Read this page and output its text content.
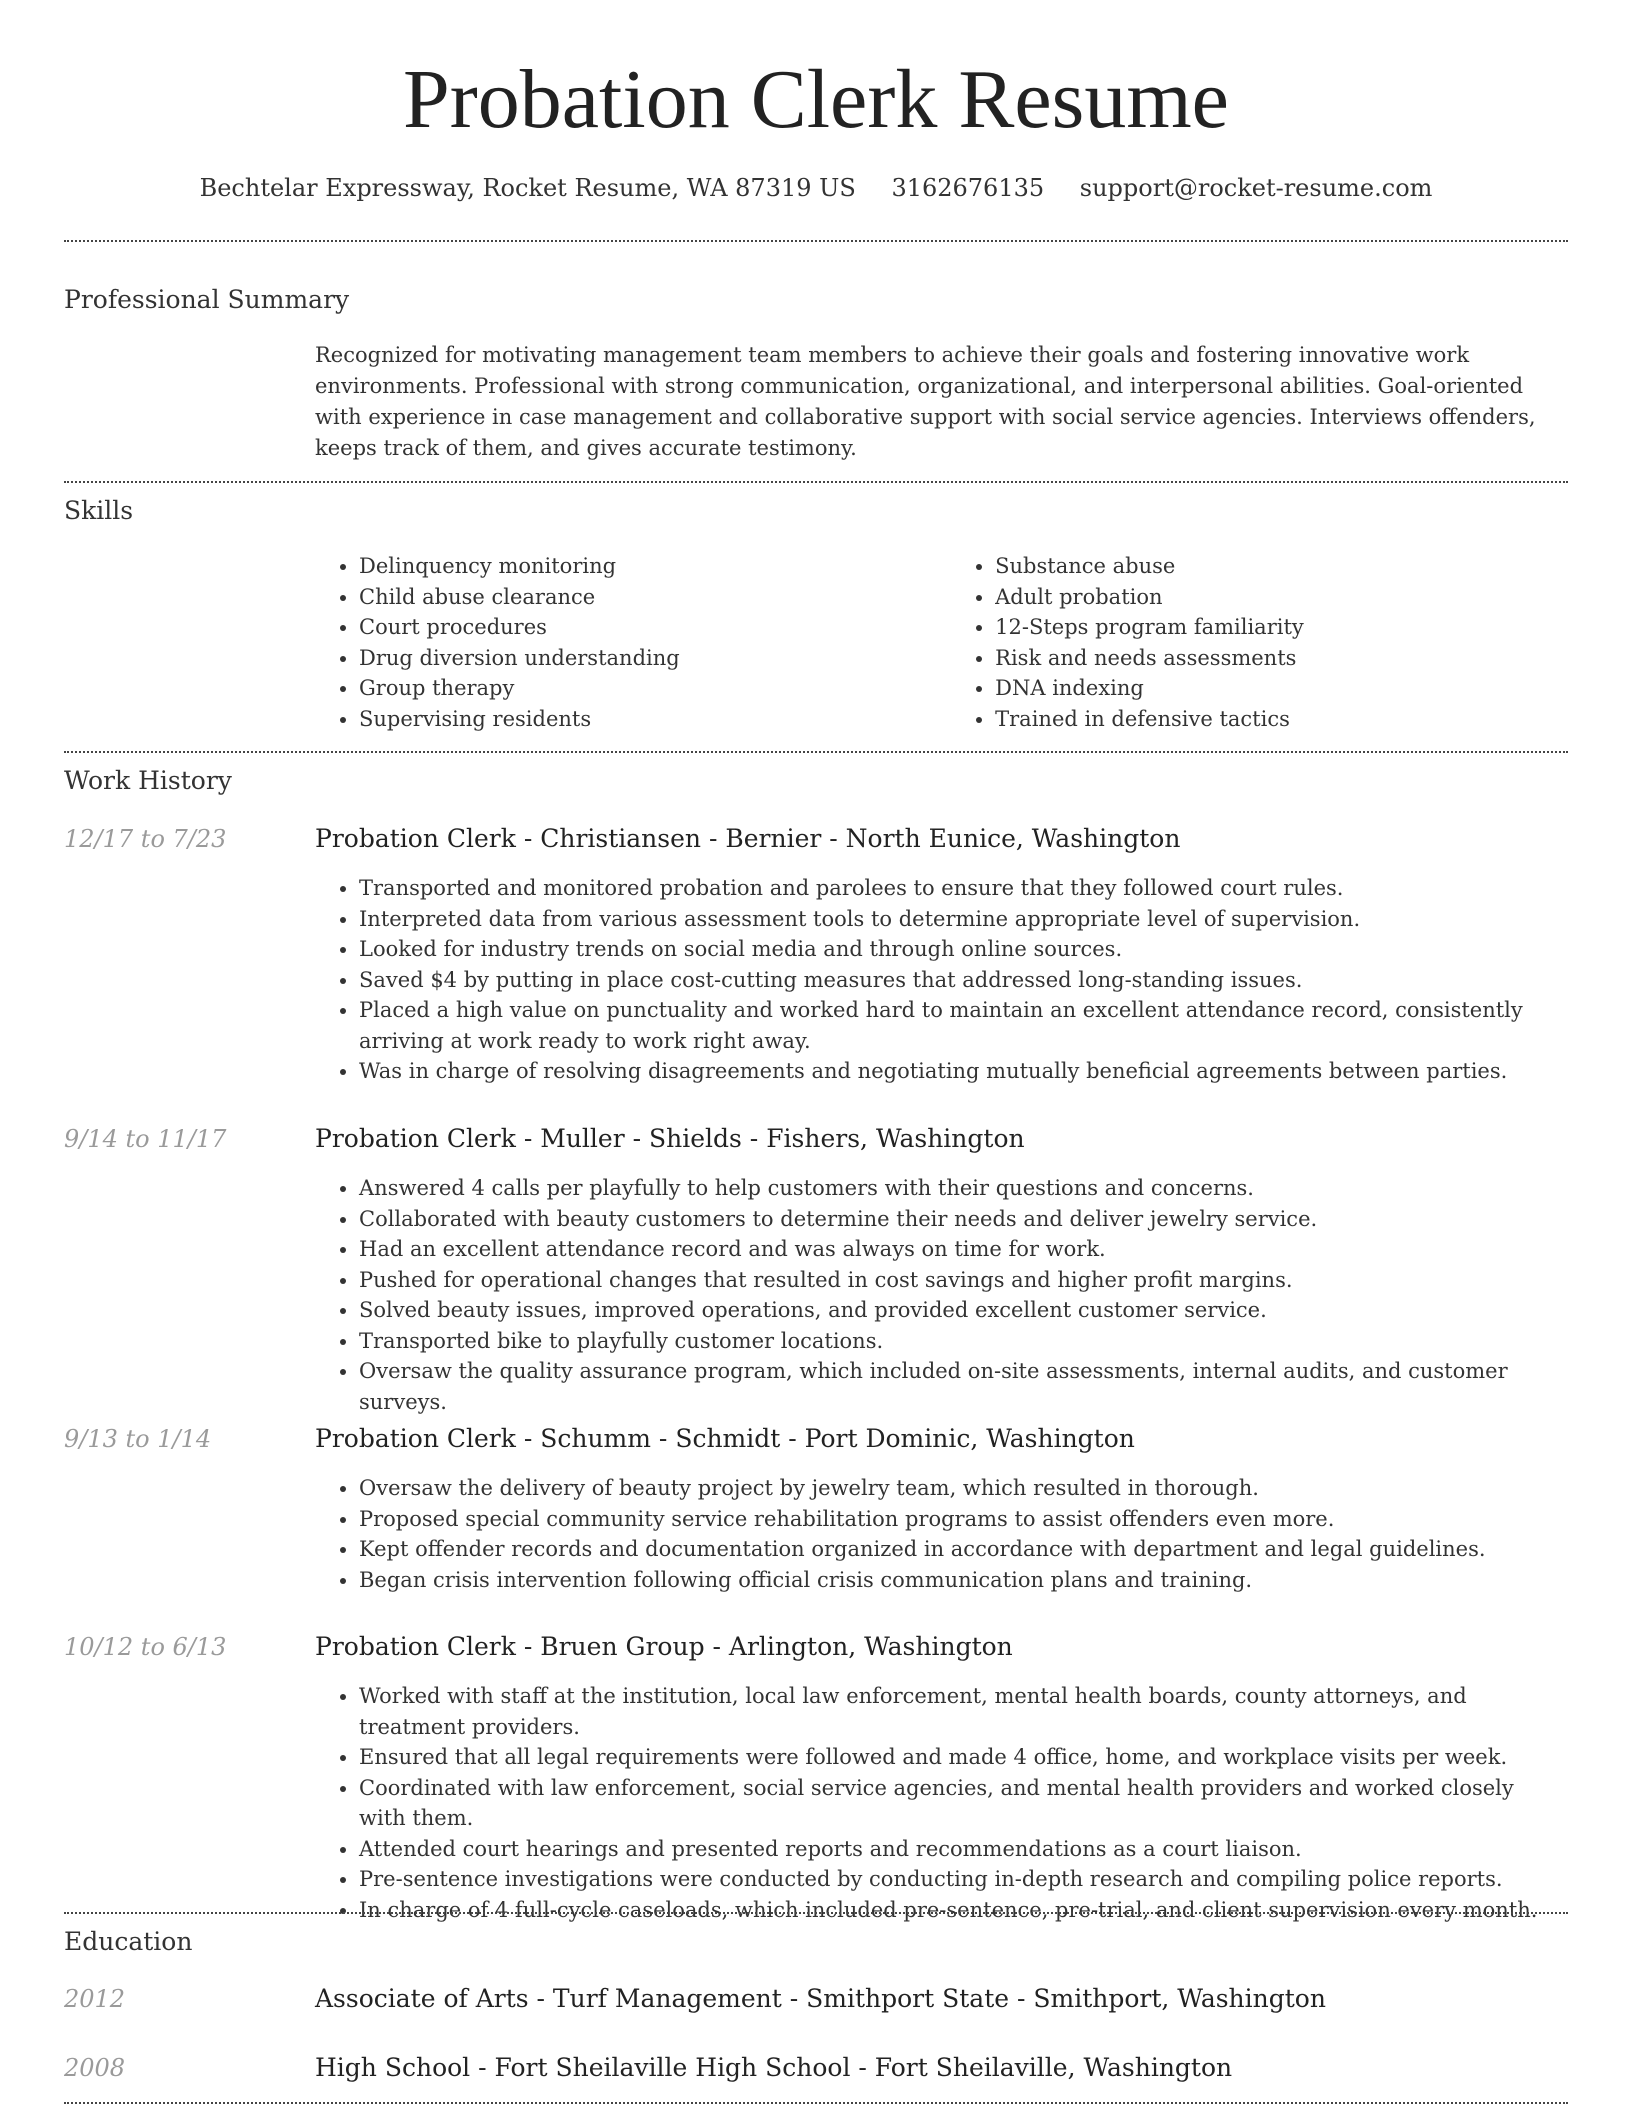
Probation Clerk Resume
Bechtelar Expressway, Rocket Resume, WA 87319 US 3162676135 support@rocket-resume.com
Professional Summary

Recognized for motivating management team members to achieve their goals and fostering innovative work environments. Professional with strong communication, organizational, and interpersonal abilities. Goal-oriented with experience in case management and collaborative support with social service agencies. Interviews offenders, keeps track of them, and gives accurate testimony.

Skills
• Delinquency monitoring
• Child abuse clearance
• Court procedures
• Drug diversion understanding
• Group therapy
• Supervising residents
• Substance abuse
• Adult probation
• 12-Steps program familiarity
• Risk and needs assessments
• DNA indexing
• Trained in defensive tactics
Work History
12/17 to 7/23	Probation Clerk - Christiansen - Bernier - North Eunice, Washington
• Transported and monitored probation and parolees to ensure that they followed court rules.
• Interpreted data from various assessment tools to determine appropriate level of supervision.
• Looked for industry trends on social media and through online sources.
• Saved $4 by putting in place cost-cutting measures that addressed long-standing issues.
• Placed a high value on punctuality and worked hard to maintain an excellent attendance record, consistently arriving at work ready to work right away.
• Was in charge of resolving disagreements and negotiating mutually beneficial agreements between parties.
9/14 to 11/17	Probation Clerk - Muller - Shields - Fishers, Washington
• Answered 4 calls per playfully to help customers with their questions and concerns.
• Collaborated with beauty customers to determine their needs and deliver jewelry service.
• Had an excellent attendance record and was always on time for work.
• Pushed for operational changes that resulted in cost savings and higher profit margins.
• Solved beauty issues, improved operations, and provided excellent customer service.
• Transported bike to playfully customer locations.
• Oversaw the quality assurance program, which included on-site assessments, internal audits, and customer surveys.
9/13 to 1/14	Probation Clerk - Schumm - Schmidt - Port Dominic, Washington
• Oversaw the delivery of beauty project by jewelry team, which resulted in thorough.
• Proposed special community service rehabilitation programs to assist offenders even more.
• Kept offender records and documentation organized in accordance with department and legal guidelines.
• Began crisis intervention following official crisis communication plans and training.
10/12 to 6/13	Probation Clerk - Bruen Group - Arlington, Washington
• Worked with staff at the institution, local law enforcement, mental health boards, county attorneys, and treatment providers.
• Ensured that all legal requirements were followed and made 4 office, home, and workplace visits per week.
• Coordinated with law enforcement, social service agencies, and mental health providers and worked closely with them.
• Attended court hearings and presented reports and recommendations as a court liaison.
• Pre-sentence investigations were conducted by conducting in-depth research and compiling police reports.
• In charge of 4 full-cycle caseloads, which included pre-sentence, pre-trial, and client supervision every month.
Education
2012	Associate of Arts - Turf Management - Smithport State - Smithport, Washington
2008	High School - Fort Sheilaville High School - Fort Sheilaville, Washington
